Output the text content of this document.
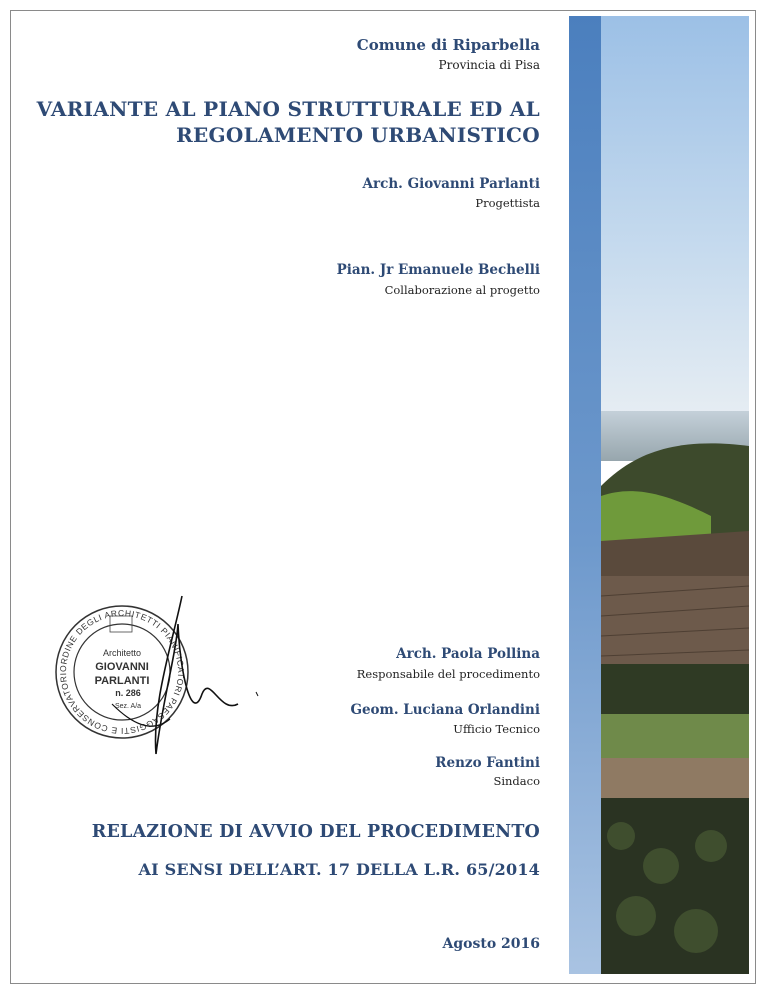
Comune di Riparbella
Provincia di Pisa
VARIANTE AL PIANO STRUTTURALE ED AL
REGOLAMENTO URBANISTICO
Arch. Giovanni Parlanti
Progettista
Pian. Jr Emanuele Bechelli
Collaborazione al progetto
Arch. Paola Pollina
Responsabile del procedimento
Geom. Luciana Orlandini
Ufficio Tecnico
Renzo Fantini
Sindaco
RELAZIONE DI AVVIO DEL PROCEDIMENTO
AI SENSI DELL’ART. 17 DELLA L.R. 65/2014
Agosto 2016
ORDINE DEGLI ARCHITETTI PIANIFICATORI PAESAGGISTI E CONSERVATORI
Architetto
GIOVANNI
PARLANTI
n. 286
Sez. A/a
